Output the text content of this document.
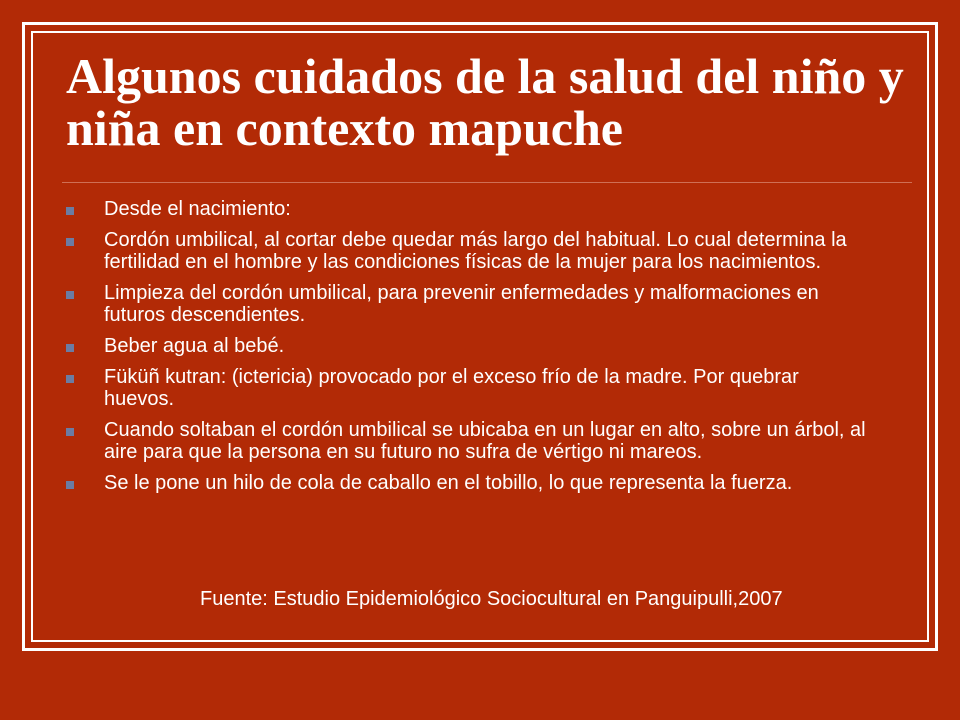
Algunos cuidados de la salud del niño y niña en contexto mapuche
Desde el nacimiento:
Cordón umbilical, al cortar debe quedar más largo del habitual. Lo cual determina la fertilidad en el hombre y las condiciones físicas de la mujer para los nacimientos.
Limpieza del cordón umbilical, para prevenir enfermedades y malformaciones en futuros descendientes.
Beber agua al bebé.
Füküñ kutran: (ictericia) provocado por el exceso frío de la madre. Por quebrar huevos.
Cuando soltaban el cordón umbilical se ubicaba en un lugar en alto, sobre un árbol, al aire para que la persona en su futuro no sufra de vértigo ni mareos.
Se le pone un hilo de cola de caballo en el tobillo, lo que representa la fuerza.

Fuente: Estudio Epidemiológico Sociocultural en Panguipulli,2007
